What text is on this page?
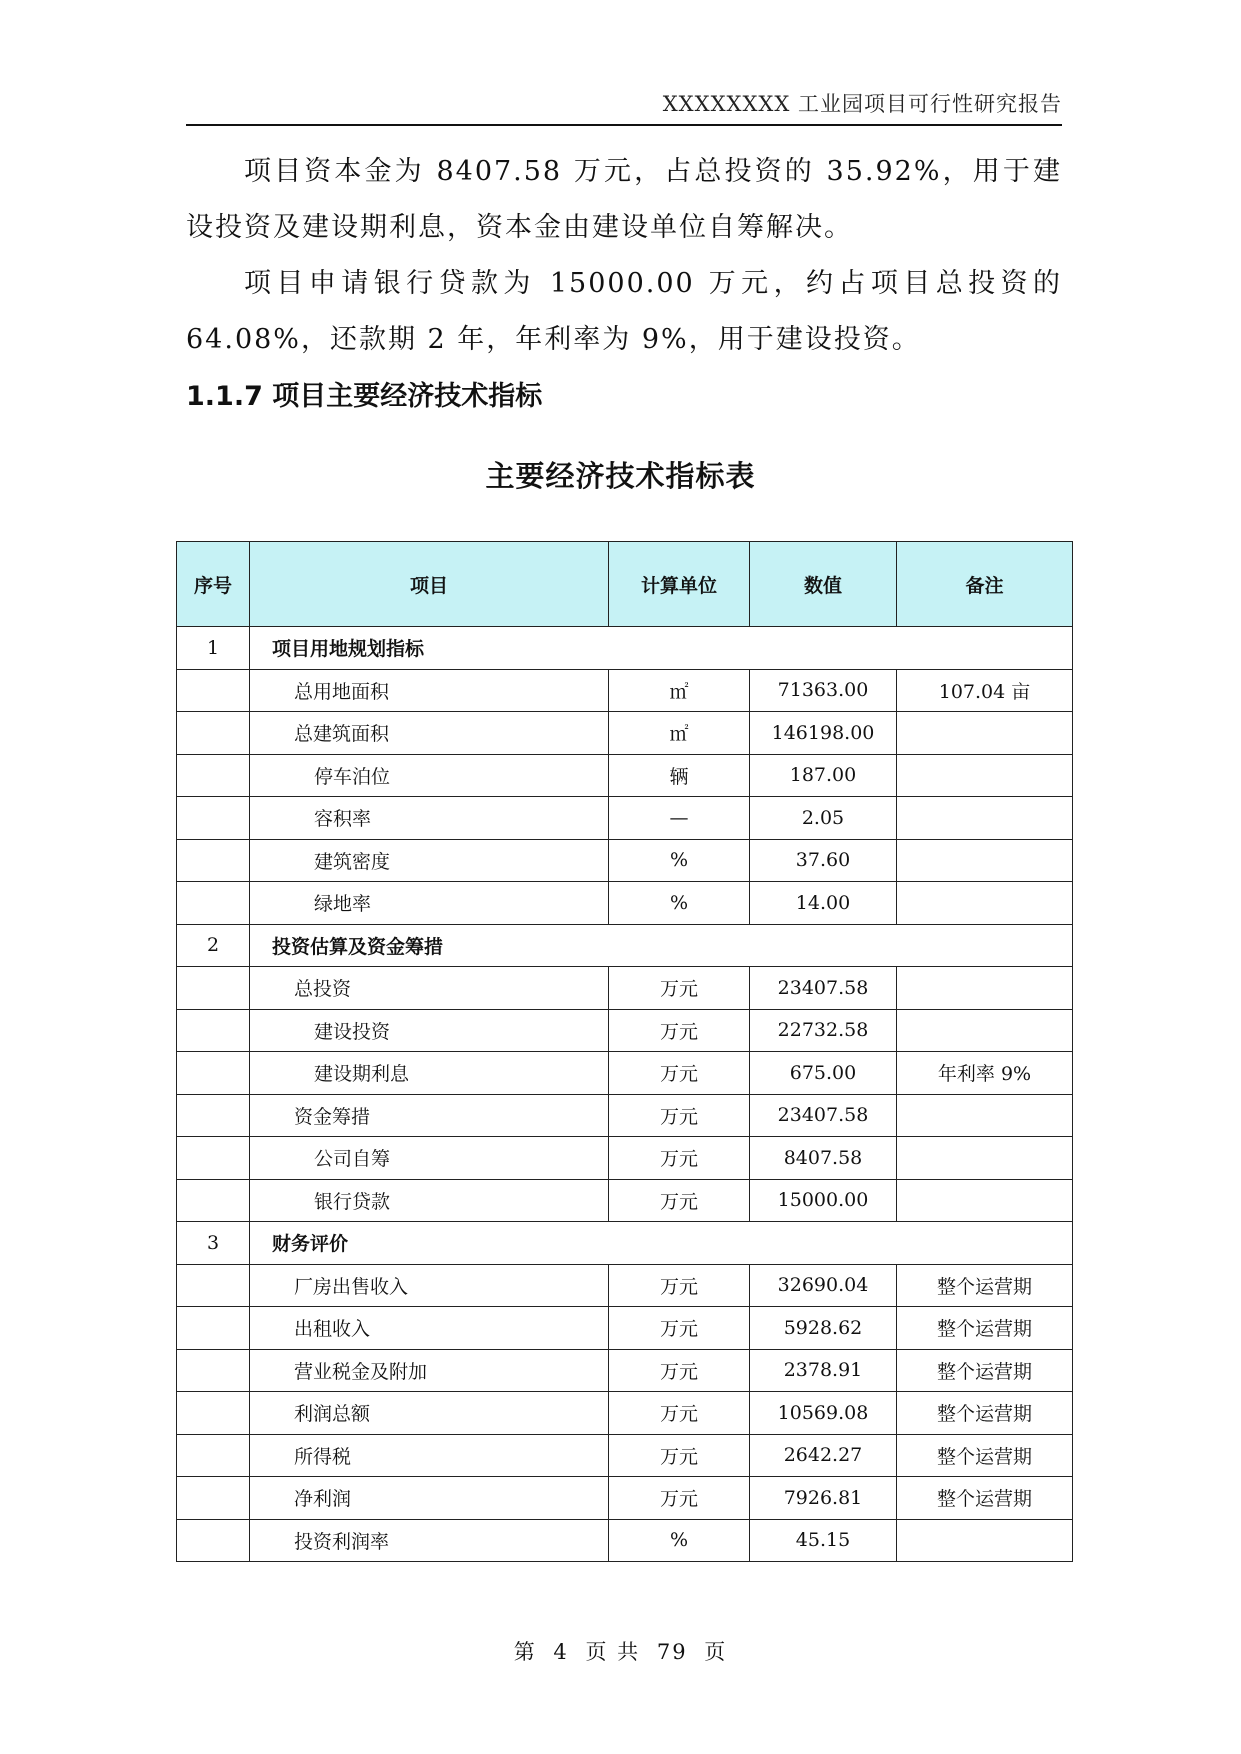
XXXXXXXX 工业园项目可行性研究报告
项目资本金为 8407.58 万元，占总投资的 35.92%，用于建设投资及建设期利息，资本金由建设单位自筹解决。
项目申请银行贷款为 15000.00 万元，约占项目总投资的 64.08%，还款期 2 年，年利率为 9%，用于建设投资。
1.1.7 项目主要经济技术指标
主要经济技术指标表
序号	项目	计算单位	数值	备注
1	项目用地规划指标			
	总用地面积	㎡	71363.00	107.04 亩
	总建筑面积	㎡	146198.00	
	停车泊位	辆	187.00	
	容积率	—	2.05	
	建筑密度	%	37.60	
	绿地率	%	14.00	
2	投资估算及资金筹措			
	总投资	万元	23407.58	
	建设投资	万元	22732.58	
	建设期利息	万元	675.00	年利率 9%
	资金筹措	万元	23407.58	
	公司自筹	万元	8407.58	
	银行贷款	万元	15000.00	
3	财务评价			
	厂房出售收入	万元	32690.04	整个运营期
	出租收入	万元	5928.62	整个运营期
	营业税金及附加	万元	2378.91	整个运营期
	利润总额	万元	10569.08	整个运营期
	所得税	万元	2642.27	整个运营期
	净利润	万元	7926.81	整个运营期
	投资利润率	%	45.15	
第 4 页 共 79 页
